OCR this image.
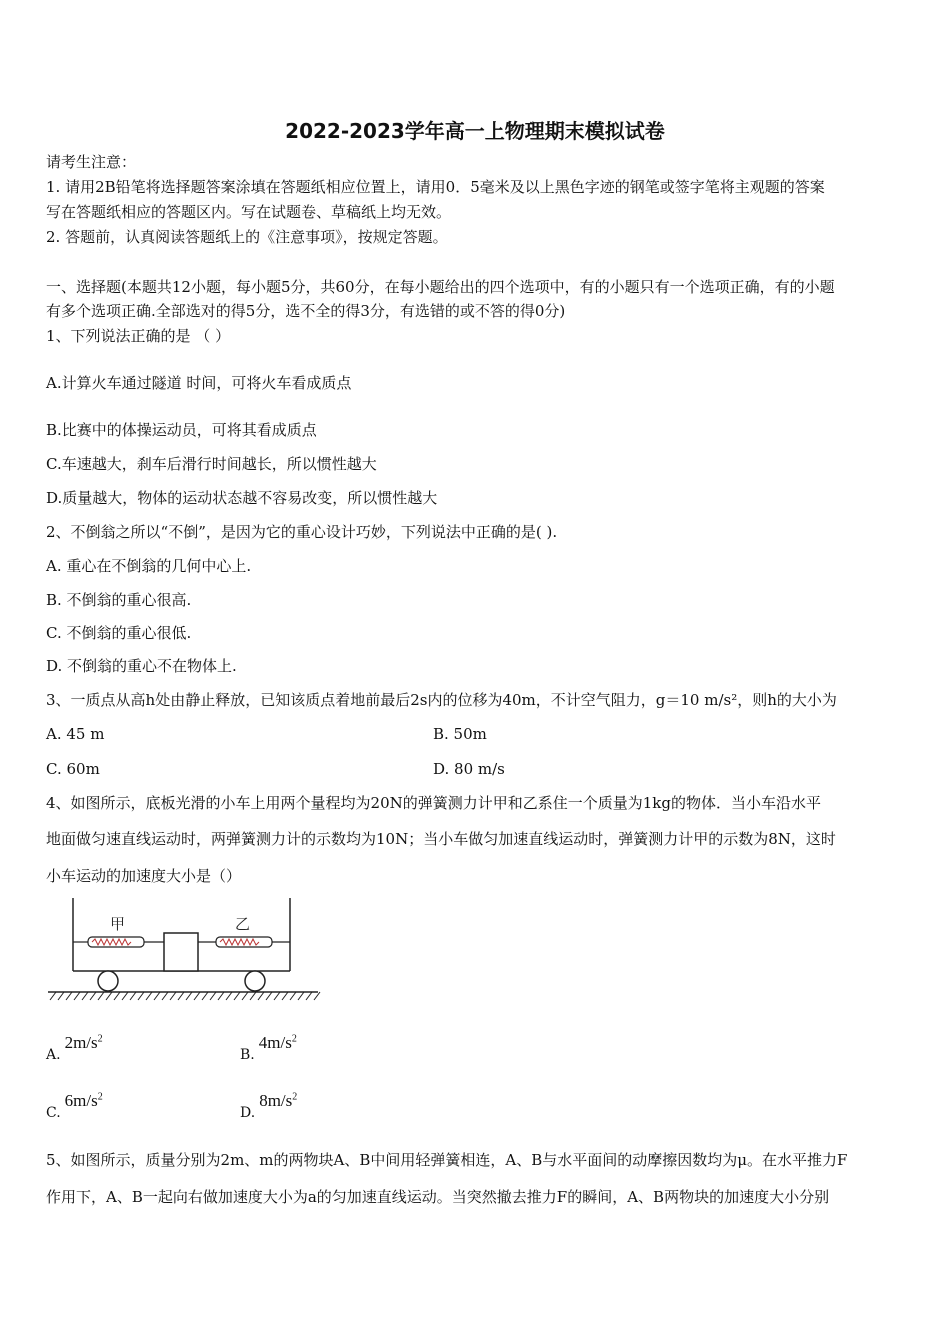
2022-2023学年高一上物理期末模拟试卷
请考生注意：
1. 请用2B铅笔将选择题答案涂填在答题纸相应位置上，请用0．5毫米及以上黑色字迹的钢笔或签字笔将主观题的答案
写在答题纸相应的答题区内。写在试题卷、草稿纸上均无效。
2. 答题前，认真阅读答题纸上的《注意事项》，按规定答题。
一、选择题(本题共12小题，每小题5分，共60分，在每小题给出的四个选项中，有的小题只有一个选项正确，有的小题
有多个选项正确.全部选对的得5分，选不全的得3分，有选错的或不答的得0分)
1、下列说法正确的是 （ ）
A.计算火车通过隧道 时间，可将火车看成质点
B.比赛中的体操运动员，可将其看成质点
C.车速越大，刹车后滑行时间越长，所以惯性越大
D.质量越大，物体的运动状态越不容易改变，所以惯性越大
2、不倒翁之所以“不倒”，是因为它的重心设计巧妙，下列说法中正确的是( ).
A. 重心在不倒翁的几何中心上.
B. 不倒翁的重心很高.
C. 不倒翁的重心很低.
D. 不倒翁的重心不在物体上.
3、一质点从高h处由静止释放，已知该质点着地前最后2s内的位移为40m，不计空气阻力，g＝10 m/s²，则h的大小为
A. 45 m	B. 50m
C. 60m	D. 80 m/s
4、如图所示，底板光滑的小车上用两个量程均为20N的弹簧测力计甲和乙系住一个质量为1kg的物体．当小车沿水平
地面做匀速直线运动时，两弹簧测力计的示数均为10N；当小车做匀加速直线运动时，弹簧测力计甲的示数为8N，这时
小车运动的加速度大小是（）
甲	乙
$A.2m/s^2$
$B.4m/s^2$
$C.6m/s^2$
$D.8m/s^2$
5、如图所示，质量分别为2m、m的两物块A、B中间用轻弹簧相连，A、B与水平面间的动摩擦因数均为μ。在水平推力F
作用下，A、B一起向右做加速度大小为a的匀加速直线运动。当突然撤去推力F的瞬间，A、B两物块的加速度大小分别
